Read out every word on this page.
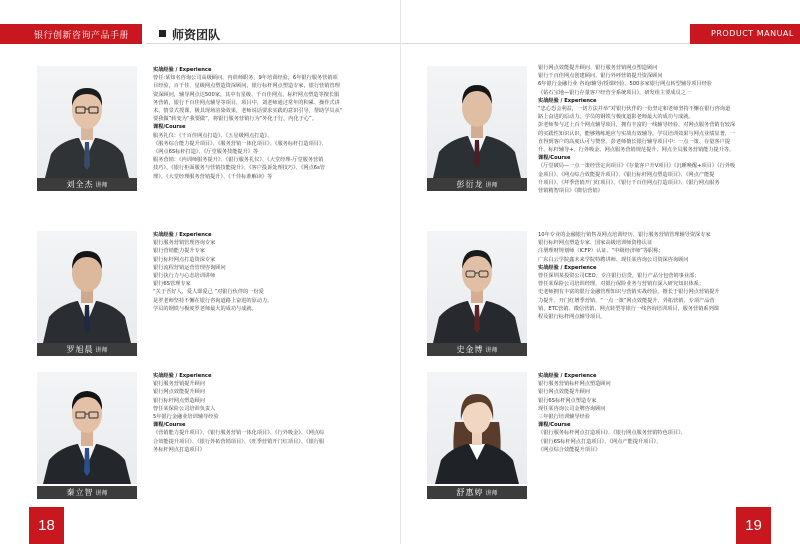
银行创新咨询产品手册	师资团队
刘全杰 讲师

实战经验 / Experience

曾任:某知名咨询公司高级顾问、内训师职务，9年培训经验，6年银行服务营销项

目经验，百千佳、星级网点塑造资深顾问，银行标杆网点塑造专家，银行营销管理

资深顾问，辅导网点达500家，其中有星级、千百佳网点、标杆网点塑造等擅长服

务营销，银行千百佳网点辅导等项目，项目中，刘老师通过常年的积累、操作式讲

术、情景式授课，极具现场渲染效果，老师说话要求实践的意识引导，帮助学员从“

要我做”转变为“我要做”，将银行服务营销行为“外化于行，内化于心”。

课程/Course

服务礼仪：《千百佳网点打造》、《五星级网点打造》、

《服务综合能力提升项目》、《服务营销一体化项目》、《服务标杆打造项目》、

《网点6S标杆打造》、《厅堂服务技能提升》等

服务营销：《内训师服务提升》、《银行服务礼仪》、《大堂经理-厅堂服务营销

技巧》、《银行柜面服务与营销技能提升》、《客户投诉处理技巧》、《网点6s管

理》、《大堂经理服务营销提升》、《千佳标准解读》等

罗旭晨 讲师

实战经验 / Experience

银行服务营销管理咨询专家

银行营销能力提升专家

银行标杆网点打造资深专家

银行流程营销运营管理咨询顾问

银行执行力与心态培训讲师

银行6S管理专家

“关于吾好人，爱人即爱己 ”对银行伙伴的一份爱

是罗老师坚持不懈在银行咨询道路上奋进的原动力。

学员的钢铁与极度罗老师最大的成功与成就。

秦立智 讲师

实战经验 / Experience

银行服务营销提升顾问

银行网点效能提升顾问

银行标杆网点塑造顾问

曾任某保险公司培训负责人

5年银行金融业培训辅导经验

课程/Course

《营销能力提升项目》、《银行服务营销一体化项目》、《行外吸金》、《网点综

合效能提升项目》、《银行外拓营销项目》、《旺季营销开门红项目》、《银行服

务标杆网点打造项目》

18
PRODUCT MANUAL
彭衍龙 讲师

银行网点效能提升顾问、银行服务营销网点塑造顾问

银行千百佳网点创建顾问、银行外呼营销提升资深顾问

6年银行金融行业 咨询/辅导/授课经验、500多家银行网点转型辅导项目经验

《钻石宝地—银行存量客户经营全系统项目》，研发组主要成员之一

实战经验 / Experience

“忠心恐会利益，一切方法并举”对银行伙伴的一份坚定和老师坚持不懈在银行咨询道

路上奋进的原动力。学员的钢铁与极度道影老师最大的成功与成就。

彭老师参与过上百个网点辅导项目，拥有丰富的一线辅导经验，对网点服务营销有较深

的实践性知识认识，能够熟练地应与实战有效辅导。学员培训效果与网点业绩显著，一

直得到客户的高度认可与赞誉。彭老师擅长银行辅导项目中：一点一策、存量客户提

升、标杆辅导+、行外吸金、网点服务营销规范提升，网点全员服务营销能力提升等。

课程/Course

《厅堂破局—一点一策经营定向项目》《存量客户升V项目》《沉睡唤醒+项目》《行外吸

金项目》、《网点综合效能提升项目》、《银行标杆网点塑造项目》、《网点产能提

升项目》、《拜季营销开门红项目》、《银行千百佳网点打造项目》、《银行网点服务

营销精智项目》《微信营销》

史金博 讲师

10年专业的金融银行销售及网点培训经历、银行服务营销管理辅导资深专家

银行标杆网点塑造专家、国家高级培训师资格认证

注册理财规划师（ICFP）认证、“中级经济师”等职称；

广东白云学院鑫未来学院特聘讲师、现任某咨询公司资深咨询顾问

实战经验 / Experience

曾任深圳某投资公司CEO、专注银行信贷，银行产品分包营销事业部；

曾任某保险公司培训经理，对银行保险业务与营销有深入研究知识体系；

史老师拥有丰富的银行金融管理知识与营销实战经验。擅长于银行网点营销提升

力提升、开门红增季营销、“一点一策”网点效能提升、外拓营销、专项产品营

销、ETC营销、微信营销、网点转型等银行一线咨询培训项目，服务营销系列课

程及银行标杆网点辅导项目。

舒惠婷 讲师

实战经验 / Experience

银行服务营销标杆网点塑造顾问

银行网点效能提升顾问

银行6S标杆网点塑造专家

现任某咨询公司金牌咨询顾问

三年银行培训辅导经验

课程/Course

《银行服务标杆网点打造项目》、《银行网点服务营销特色项目》、

《银行6S标杆网点打造项目》、《网点产能提升项目》、

《网点综合效能提升项目》

19
